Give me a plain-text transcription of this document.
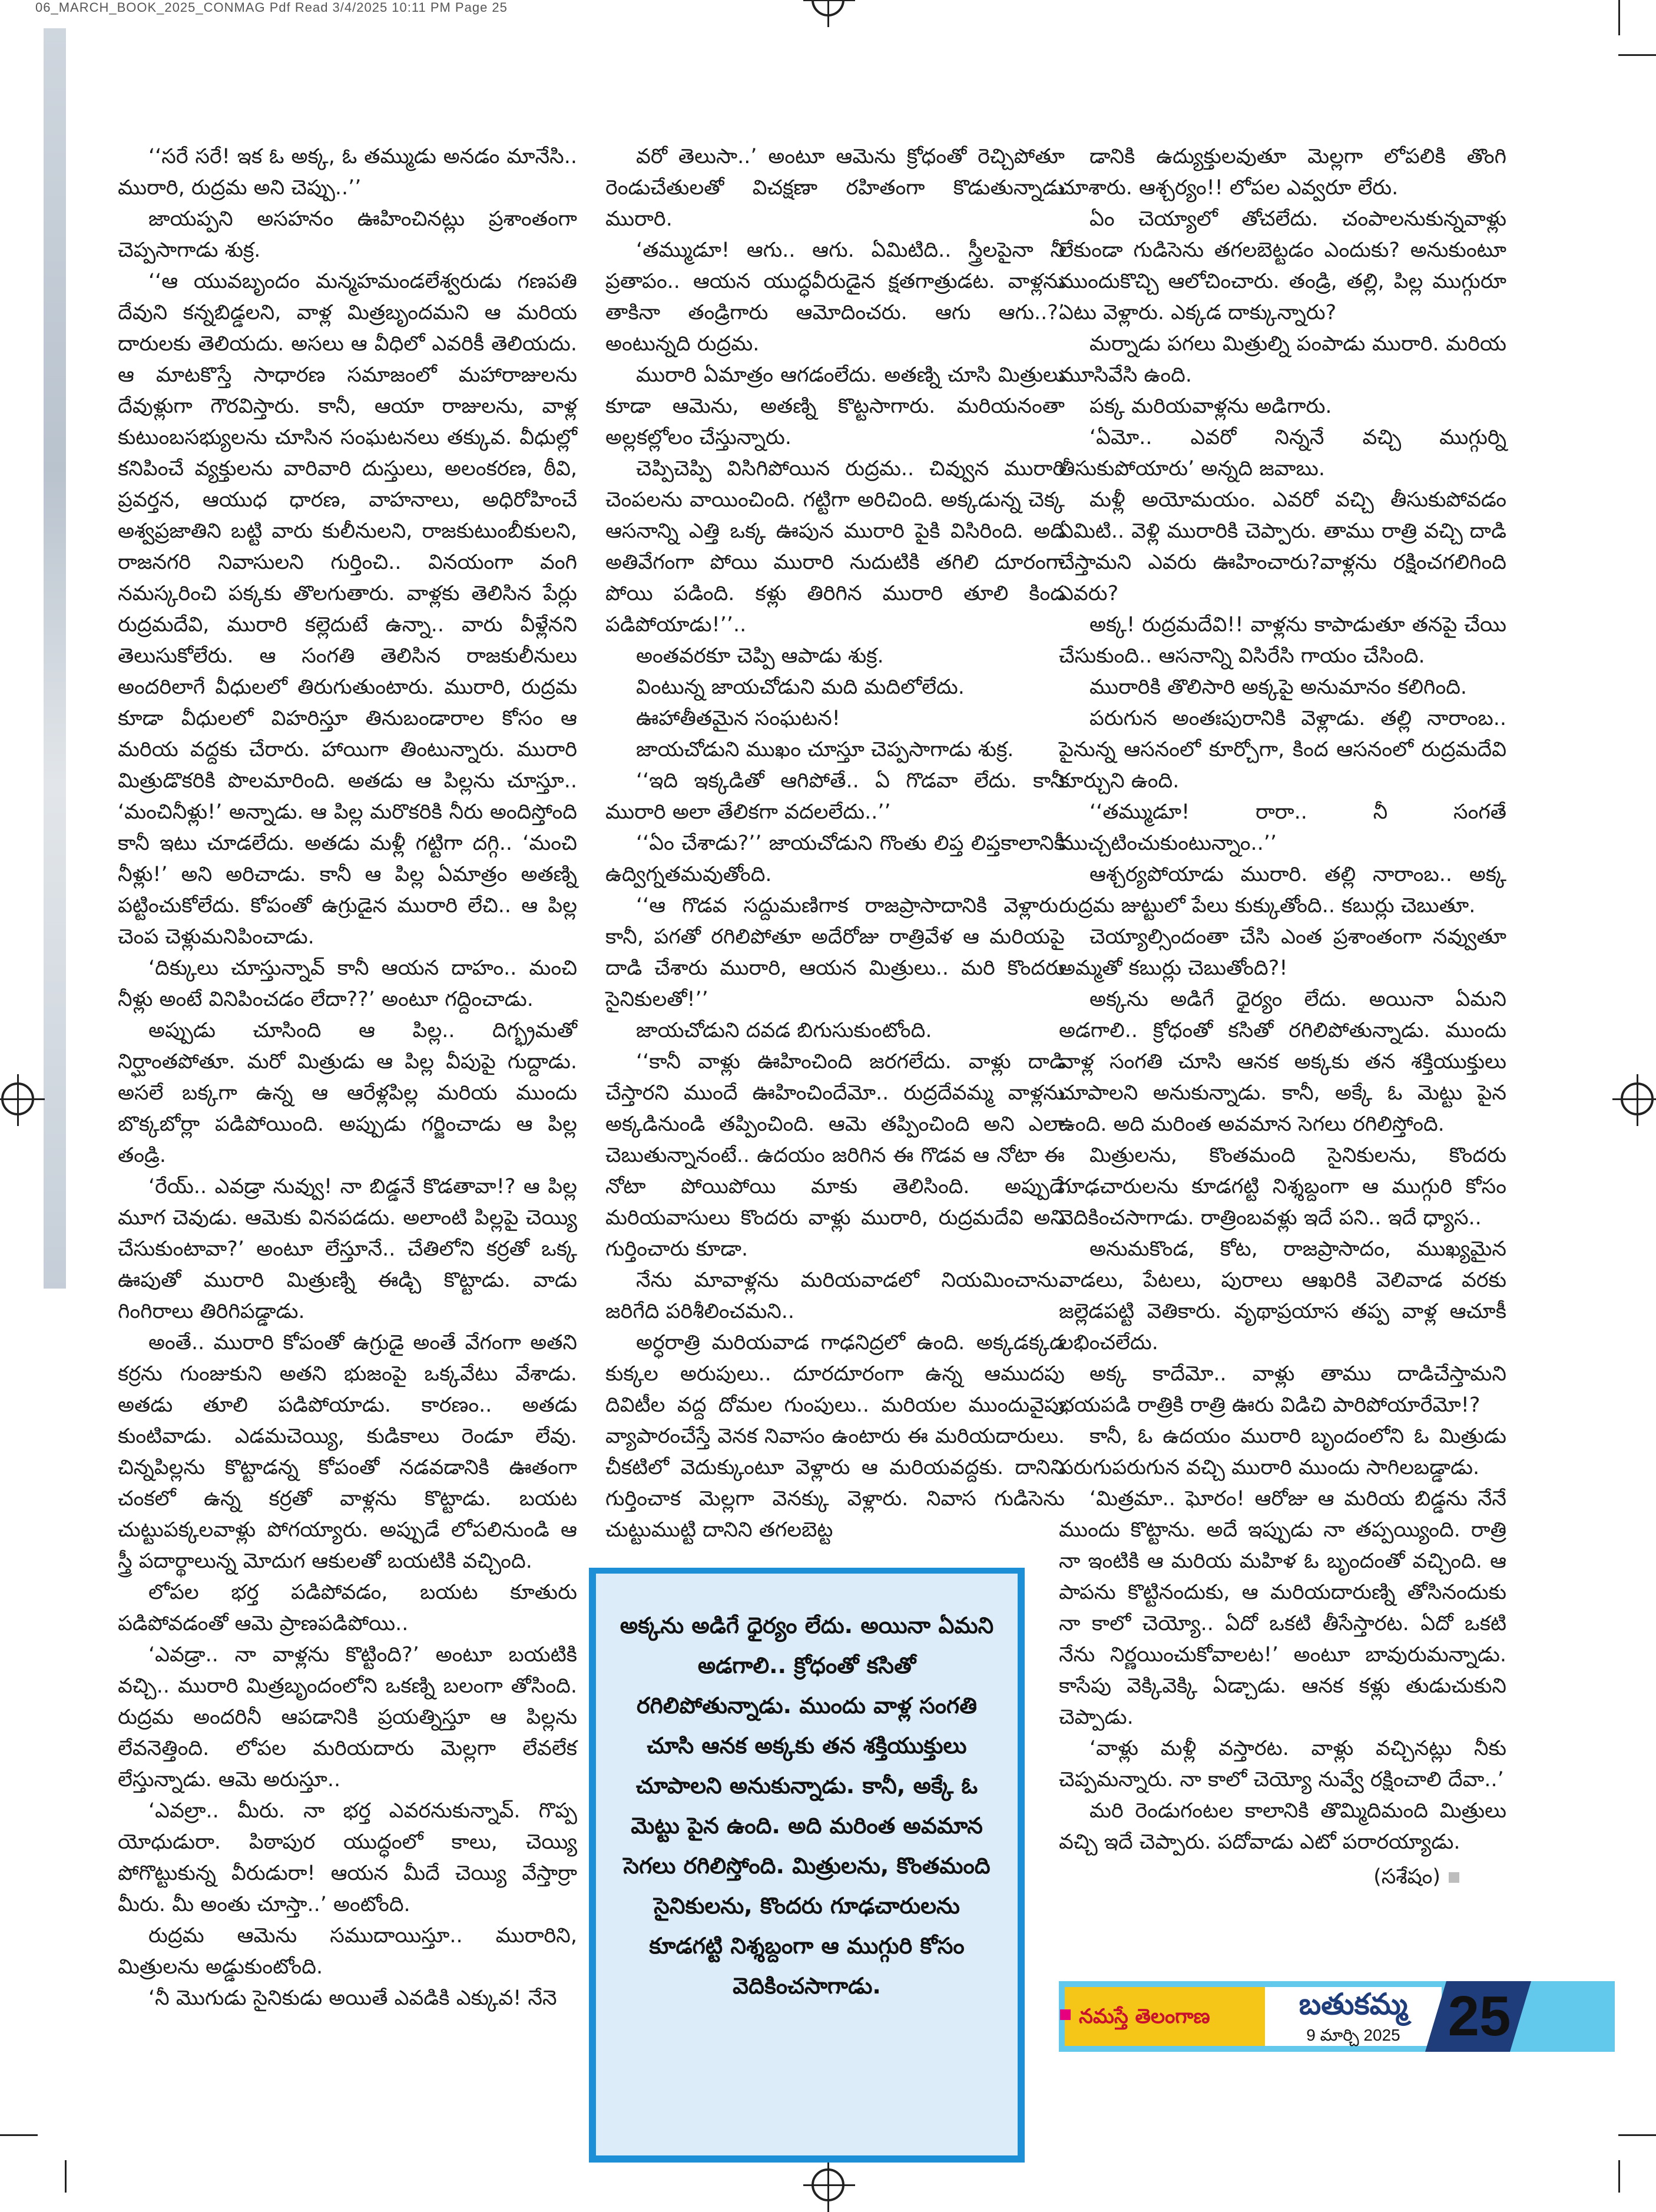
06_MARCH_BOOK_2025_CONMAG Pdf Read 3/4/2025 10:11 PM Page 25

‘‘సరే సరే! ఇక ఓ అక్క, ఓ తమ్ముడు అనడం మానేసి.. మురారి, రుద్రమ అని చెప్పు..’’

జాయప్పని అసహనం ఊహించినట్లు ప్రశాంతంగా చెప్పసాగాడు శుక్ర.

‘‘ఆ యువబృందం మన్మహమండలేశ్వరుడు గణపతి దేవుని కన్నబిడ్డలని, వాళ్ల మిత్రబృందమని ఆ మరియ దారులకు తెలియదు. అసలు ఆ వీధిలో ఎవరికీ తెలియదు. ఆ మాటకొస్తే సాధారణ సమాజంలో మహారాజులను దేవుళ్లుగా గౌరవిస్తారు. కానీ, ఆయా రాజులను, వాళ్ల కుటుంబసభ్యులను చూసిన సంఘటనలు తక్కువ. వీధుల్లో కనిపించే వ్యక్తులను వారివారి దుస్తులు, అలంకరణ, ఠీవి, ప్రవర్తన, ఆయుధ ధారణ, వాహనాలు, అధిరోహించే అశ్వప్రజాతిని బట్టి వారు కులీనులని, రాజకుటుంబీకులని, రాజనగరి నివాసులని గుర్తించి.. వినయంగా వంగి నమస్కరించి పక్కకు తొలగుతారు. వాళ్లకు తెలిసిన పేర్లు రుద్రమదేవి, మురారి కల్లెదుటే ఉన్నా.. వారు వీళ్లేనని తెలుసుకోలేరు. ఆ సంగతి తెలిసిన రాజకులీనులు అందరిలాగే వీధులలో తిరుగుతుంటారు. మురారి, రుద్రమ కూడా వీధులలో విహరిస్తూ తినుబండారాల కోసం ఆ మరియ వద్దకు చేరారు. హాయిగా తింటున్నారు. మురారి మిత్రుడొకరికి పొలమారింది. అతడు ఆ పిల్లను చూస్తూ.. ‘మంచినీళ్లు!’ అన్నాడు. ఆ పిల్ల మరొకరికి నీరు అందిస్తోంది కానీ ఇటు చూడలేదు. అతడు మళ్లీ గట్టిగా దగ్గి.. ‘మంచి నీళ్లు!’ అని అరిచాడు. కానీ ఆ పిల్ల ఏమాత్రం అతణ్ని పట్టించుకోలేదు. కోపంతో ఉగ్రుడైన మురారి లేచి.. ఆ పిల్ల చెంప చెళ్లుమనిపించాడు.

‘దిక్కులు చూస్తున్నావ్ కానీ ఆయన దాహం.. మంచి నీళ్లు అంటే వినిపించడం లేదా??’ అంటూ గద్దించాడు.

అప్పుడు చూసింది ఆ పిల్ల.. దిగ్భ్రమతో నిర్ఘాంతపోతూ. మరో మిత్రుడు ఆ పిల్ల వీపుపై గుద్దాడు. అసలే బక్కగా ఉన్న ఆ ఆరేళ్లపిల్ల మరియ ముందు బొక్కబోర్లా పడిపోయింది. అప్పుడు గర్జించాడు ఆ పిల్ల తండ్రి.

‘రేయ్.. ఎవడ్రా నువ్వు! నా బిడ్డనే కొడతావా!? ఆ పిల్ల మూగ చెవుడు. ఆమెకు వినపడదు. అలాంటి పిల్లపై చెయ్యి చేసుకుంటావా?’ అంటూ లేస్తూనే.. చేతిలోని కర్రతో ఒక్క ఊపుతో మురారి మిత్రుణ్ని ఈడ్చి కొట్టాడు. వాడు గింగిరాలు తిరిగిపడ్డాడు.

అంతే.. మురారి కోపంతో ఉగ్రుడై అంతే వేగంగా అతని కర్రను గుంజుకుని అతని భుజంపై ఒక్కవేటు వేశాడు. అతడు తూలి పడిపోయాడు. కారణం.. అతడు కుంటివాడు. ఎడమచెయ్యి, కుడికాలు రెండూ లేవు. చిన్నపిల్లను కొట్టాడన్న కోపంతో నడవడానికి ఊతంగా చంకలో ఉన్న కర్రతో వాళ్లను కొట్టాడు. బయట చుట్టుపక్కలవాళ్లు పోగయ్యారు. అప్పుడే లోపలినుండి ఆ స్త్రీ పదార్థాలున్న మోదుగ ఆకులతో బయటికి వచ్చింది.

లోపల భర్త పడిపోవడం, బయట కూతురు పడిపోవడంతో ఆమె ప్రాణపడిపోయి..

‘ఎవడ్రా.. నా వాళ్లను కొట్టింది?’ అంటూ బయటికి వచ్చి.. మురారి మిత్రబృందంలోని ఒకణ్ని బలంగా తోసింది. రుద్రమ అందరినీ ఆపడానికి ప్రయత్నిస్తూ ఆ పిల్లను లేవనెత్తింది. లోపల మరియదారు మెల్లగా లేవలేక లేస్తున్నాడు. ఆమె అరుస్తూ..

‘ఎవల్రా.. మీరు. నా భర్త ఎవరనుకున్నావ్. గొప్ప యోధుడురా. పిఠాపుర యుద్ధంలో కాలు, చెయ్యి పోగొట్టుకున్న వీరుడురా! ఆయన మీదే చెయ్యి వేస్తార్రా మీరు. మీ అంతు చూస్తా..’ అంటోంది.

రుద్రమ ఆమెను సముదాయిస్తూ.. మురారిని, మిత్రులను అడ్డుకుంటోంది.

‘నీ మొగుడు సైనికుడు అయితే ఎవడికి ఎక్కువ! నేనె

వరో తెలుసా..’ అంటూ ఆమెను క్రోధంతో రెచ్చిపోతూ రెండుచేతులతో విచక్షణా రహితంగా కొడుతున్నాడు మురారి.

‘తమ్ముడూ! ఆగు.. ఆగు. ఏమిటిది.. స్త్రీలపైనా నీ ప్రతాపం.. ఆయన యుద్ధవీరుడైన క్షతగాత్రుడట. వాళ్లను తాకినా తండ్రిగారు ఆమోదించరు. ఆగు ఆగు..?’ అంటున్నది రుద్రమ.

మురారి ఏమాత్రం ఆగడంలేదు. అతణ్ని చూసి మిత్రులు కూడా ఆమెను, అతణ్ని కొట్టసాగారు. మరియనంతా అల్లకల్లోలం చేస్తున్నారు.

చెప్పిచెప్పి విసిగిపోయిన రుద్రమ.. చివ్వున మురారి చెంపలను వాయించింది. గట్టిగా అరిచింది. అక్కడున్న చెక్క ఆసనాన్ని ఎత్తి ఒక్క ఊపున మురారి పైకి విసిరింది. అది అతివేగంగా పోయి మురారి నుదుటికి తగిలి దూరంగా పోయి పడింది. కళ్లు తిరిగిన మురారి తూలి కింద పడిపోయాడు!’’..

అంతవరకూ చెప్పి ఆపాడు శుక్ర.

వింటున్న జాయచోడుని మది మదిలోలేదు.

ఊహాతీతమైన సంఘటన!

జాయచోడుని ముఖం చూస్తూ చెప్పసాగాడు శుక్ర.

‘‘ఇది ఇక్కడితో ఆగిపోతే.. ఏ గొడవా లేదు. కానీ మురారి అలా తేలికగా వదలలేదు..’’

‘‘ఏం చేశాడు?’’ జాయచోడుని గొంతు లిప్త లిప్తకాలానికీ ఉద్విగ్నతమవుతోంది.

‘‘ఆ గొడవ సద్దుమణిగాక రాజప్రాసాదానికి వెళ్లారు. కానీ, పగతో రగిలిపోతూ అదేరోజు రాత్రివేళ ఆ మరియపై దాడి చేశారు మురారి, ఆయన మిత్రులు.. మరి కొందరు సైనికులతో!’’

జాయచోడుని దవడ బిగుసుకుంటోంది.

‘‘కానీ వాళ్లు ఊహించింది జరగలేదు. వాళ్లు దాడి చేస్తారని ముందే ఊహించిందేమో.. రుద్రదేవమ్మ వాళ్లను అక్కడినుండి తప్పించింది. ఆమె తప్పించింది అని ఎలా చెబుతున్నానంటే.. ఉదయం జరిగిన ఈ గొడవ ఆ నోటా ఈ నోటా పోయిపోయి మాకు తెలిసింది. అప్పుడే మరియవాసులు కొందరు వాళ్లు మురారి, రుద్రమదేవి అని గుర్తించారు కూడా.

నేను మావాళ్లను మరియవాడలో నియమించాను. జరిగేది పరిశీలించమని..

అర్ధరాత్రి మరియవాడ గాఢనిద్రలో ఉంది. అక్కడక్కడ కుక్కల అరుపులు.. దూరదూరంగా ఉన్న ఆముదపు దివిటీల వద్ద దోమల గుంపులు.. మరియల ముందువైపు వ్యాపారంచేస్తే వెనక నివాసం ఉంటారు ఈ మరియదారులు. చీకటిలో వెదుక్కుంటూ వెళ్లారు ఆ మరియవద్దకు. దానిని గుర్తించాక మెల్లగా వెనక్కు వెళ్లారు. నివాస గుడిసెను చుట్టుముట్టి దానిని తగలబెట్ట

అక్కను అడిగే ధైర్యం లేదు. అయినా ఏమని అడగాలి.. క్రోధంతో కసితో రగిలిపోతున్నాడు. ముందు వాళ్ల సంగతి చూసి ఆనక అక్కకు తన శక్తియుక్తులు చూపాలని అనుకున్నాడు. కానీ, అక్కే ఓ మెట్టు పైన ఉంది. అది మరింత అవమాన సెగలు రగిలిస్తోంది. మిత్రులను, కొంతమంది సైనికులను, కొందరు గూఢచారులను కూడగట్టి నిశ్శబ్దంగా ఆ ముగ్గురి కోసం వెదికించసాగాడు.

డానికి ఉద్యుక్తులవుతూ మెల్లగా లోపలికి తొంగి చూశారు. ఆశ్చర్యం!! లోపల ఎవ్వరూ లేరు.

ఏం చెయ్యాలో తోచలేదు. చంపాలనుకున్నవాళ్లు లేకుండా గుడిసెను తగలబెట్టడం ఎందుకు? అనుకుంటూ ముందుకొచ్చి ఆలోచించారు. తండ్రి, తల్లి, పిల్ల ముగ్గురూ ఎటు వెళ్లారు. ఎక్కడ దాక్కున్నారు?

మర్నాడు పగలు మిత్రుల్ని పంపాడు మురారి. మరియ మూసివేసి ఉంది.

పక్క మరియవాళ్లను అడిగారు.

‘ఏమో.. ఎవరో నిన్ననే వచ్చి ముగ్గుర్ని తీసుకుపోయారు’ అన్నది జవాబు.

మళ్లీ అయోమయం. ఎవరో వచ్చి తీసుకుపోవడం ఏమిటి.. వెళ్లి మురారికి చెప్పారు. తాము రాత్రి వచ్చి దాడి చేస్తామని ఎవరు ఊహించారు?వాళ్లను రక్షించగలిగింది ఎవరు?

అక్క! రుద్రమదేవి!! వాళ్లను కాపాడుతూ తనపై చేయి చేసుకుంది.. ఆసనాన్ని విసిరేసి గాయం చేసింది.

మురారికి తొలిసారి అక్కపై అనుమానం కలిగింది.

పరుగున అంతఃపురానికి వెళ్లాడు. తల్లి నారాంబ.. పైనున్న ఆసనంలో కూర్చోగా, కింద ఆసనంలో రుద్రమదేవి కూర్చుని ఉంది.

‘‘తమ్ముడూ! రారా.. నీ సంగతే ముచ్చటించుకుంటున్నాం..’’

ఆశ్చర్యపోయాడు మురారి. తల్లి నారాంబ.. అక్క రుద్రమ జుట్టులో పేలు కుక్కుతోంది.. కబుర్లు చెబుతూ.

చెయ్యాల్సిందంతా చేసి ఎంత ప్రశాంతంగా నవ్వుతూ అమ్మతో కబుర్లు చెబుతోంది?!

అక్కను అడిగే ధైర్యం లేదు. అయినా ఏమని అడగాలి.. క్రోధంతో కసితో రగిలిపోతున్నాడు. ముందు వాళ్ల సంగతి చూసి ఆనక అక్కకు తన శక్తియుక్తులు చూపాలని అనుకున్నాడు. కానీ, అక్కే ఓ మెట్టు పైన ఉంది. అది మరింత అవమాన సెగలు రగిలిస్తోంది.

మిత్రులను, కొంతమంది సైనికులను, కొందరు గూఢచారులను కూడగట్టి నిశ్శబ్దంగా ఆ ముగ్గురి కోసం వెదికించసాగాడు. రాత్రింబవళ్లు ఇదే పని.. ఇదే ధ్యాస..

అనుమకొండ, కోట, రాజప్రాసాదం, ముఖ్యమైన వాడలు, పేటలు, పురాలు ఆఖరికి వెలివాడ వరకు జల్లెడపట్టి వెతికారు. వృథాప్రయాస తప్ప వాళ్ల ఆచూకీ లభించలేదు.

అక్క కాదేమో.. వాళ్లు తాము దాడిచేస్తామని భయపడి రాత్రికి రాత్రి ఊరు విడిచి పారిపోయారేమో!?

కానీ, ఓ ఉదయం మురారి బృందంలోని ఓ మిత్రుడు పరుగుపరుగున వచ్చి మురారి ముందు సాగిలబడ్డాడు.

‘మిత్రమా.. ఘోరం! ఆరోజు ఆ మరియ బిడ్డను నేనే ముందు కొట్టాను. అదే ఇప్పుడు నా తప్పయ్యింది. రాత్రి నా ఇంటికి ఆ మరియ మహిళ ఓ బృందంతో వచ్చింది. ఆ పాపను కొట్టినందుకు, ఆ మరియదారుణ్ని తోసినందుకు నా కాలో చెయ్యో.. ఏదో ఒకటి తీసేస్తారట. ఏదో ఒకటి నేను నిర్ణయించుకోవాలట!’ అంటూ బావురుమన్నాడు. కాసేపు వెక్కివెక్కి ఏడ్చాడు. ఆనక కళ్లు తుడుచుకుని చెప్పాడు.

‘వాళ్లు మళ్లీ వస్తారట. వాళ్లు వచ్చినట్లు నీకు చెప్పమన్నారు. నా కాలో చెయ్యో నువ్వే రక్షించాలి దేవా..’

మరి రెండుగంటల కాలానికి తొమ్మిదిమంది మిత్రులు వచ్చి ఇదే చెప్పారు. పదోవాడు ఎటో పరారయ్యాడు.

(సశేషం)
నమస్తే తెలంగాణ	బతుకమ్మ
9 మార్చి 2025 25
